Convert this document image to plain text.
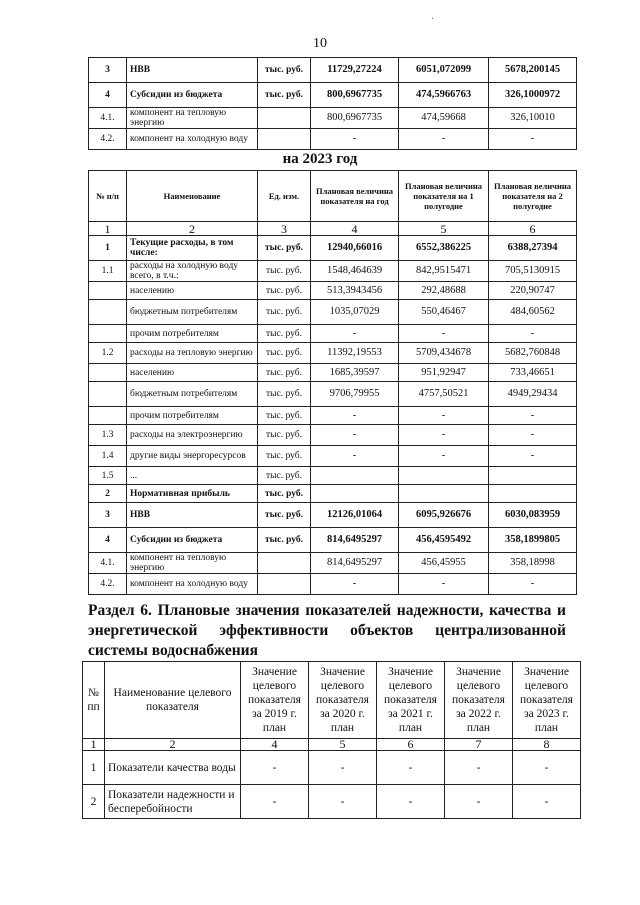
·
10
3	НВВ	тыс. руб.	11729,27224	6051,072099	5678,200145
4	Субсидии из бюджета	тыс. руб.	800,6967735	474,5966763	326,1000972
4.1.	компонент на тепловую энергию		800,6967735	474,59668	326,10010
4.2.	компонент на холодную воду		-	-	-
на 2023 год
№ п/п	Наименование	Ед. изм.	Плановая величина показателя на год	Плановая величина показателя на 1 полугодие	Плановая величина показателя на 2 полугодие
1	2	3	4	5	6
1	Текущие расходы, в том числе:	тыс. руб.	12940,66016	6552,386225	6388,27394
1.1	расходы на холодную воду всего, в т.ч.:	тыс. руб.	1548,464639	842,9515471	705,5130915
	населению	тыс. руб.	513,3943456	292,48688	220,90747
	бюджетным потребителям	тыс. руб.	1035,07029	550,46467	484,60562
	прочим потребителям	тыс. руб.	-	-	-
1.2	расходы на тепловую энергию	тыс. руб.	11392,19553	5709,434678	5682,760848
	населению	тыс. руб.	1685,39597	951,92947	733,46651
	бюджетным потребителям	тыс. руб.	9706,79955	4757,50521	4949,29434
	прочим потребителям	тыс. руб.	-	-	-
1.3	расходы на электроэнергию	тыс. руб.	-	-	-
1.4	другие виды энергоресурсов	тыс. руб.	-	-	-
1.5	...	тыс. руб.			
2	Нормативная прибыль	тыс. руб.			
3	НВВ	тыс. руб.	12126,01064	6095,926676	6030,083959
4	Субсидии из бюджета	тыс. руб.	814,6495297	456,4595492	358,1899805
4.1.	компонент на тепловую энергию		814,6495297	456,45955	358,18998
4.2.	компонент на холодную воду		-	-	-
Раздел 6. Плановые значения показателей надежности, качества и энергетической эффективности объектов централизованной системы водоснабжения
№ пп	Наименование целевого показателя	Значение целевого показателя за 2019 г. план	Значение целевого показателя за 2020 г. план	Значение целевого показателя за 2021 г. план	Значение целевого показателя за 2022 г. план	Значение целевого показателя за 2023 г. план
1	2	4	5	6	7	8
1	Показатели качества воды	-	-	-	-	-
2	Показатели надежности и бесперебойности	-	-	-	-	-
